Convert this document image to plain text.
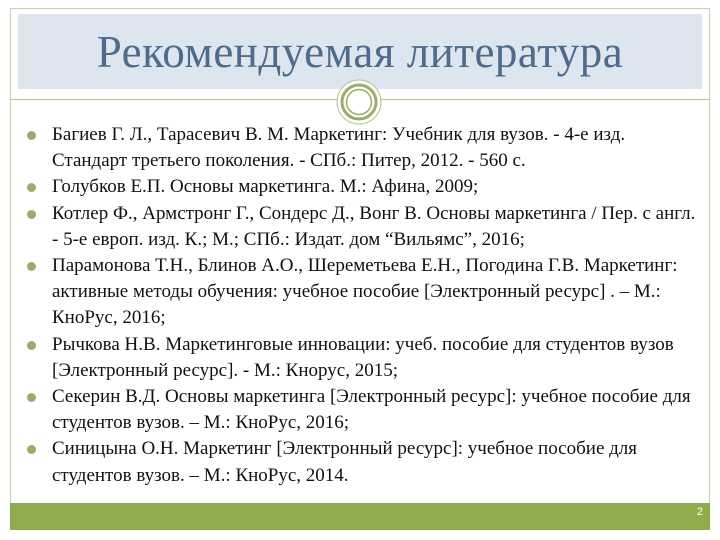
Рекомендуемая литература
Багиев Г. Л., Тарасевич В. М. Маркетинг: Учебник для вузов. - 4-е изд. Стандарт третьего поколения. - СПб.: Питер, 2012. - 560 с.
Голубков Е.П. Основы маркетинга. М.: Афина, 2009;
Котлер Ф., Армстронг Г., Сондерс Д., Вонг В. Основы маркетинга / Пер. с англ. - 5-е европ. изд. К.; М.; СПб.: Издат. дом “Вильямс”, 2016;
Парамонова Т.Н., Блинов А.О., Шереметьева Е.Н., Погодина Г.В. Маркетинг: активные методы обучения: учебное пособие [Электронный ресурс] . – М.: КноРус, 2016;
Рычкова Н.В. Маркетинговые инновации: учеб. пособие для студентов вузов [Электронный ресурс]. - М.: Кнорус, 2015;
Секерин В.Д. Основы маркетинга [Электронный ресурс]: учебное пособие для студентов вузов. – М.: КноРус, 2016;
Синицына О.Н. Маркетинг [Электронный ресурс]: учебное пособие для студентов вузов. – М.: КноРус, 2014.
2
